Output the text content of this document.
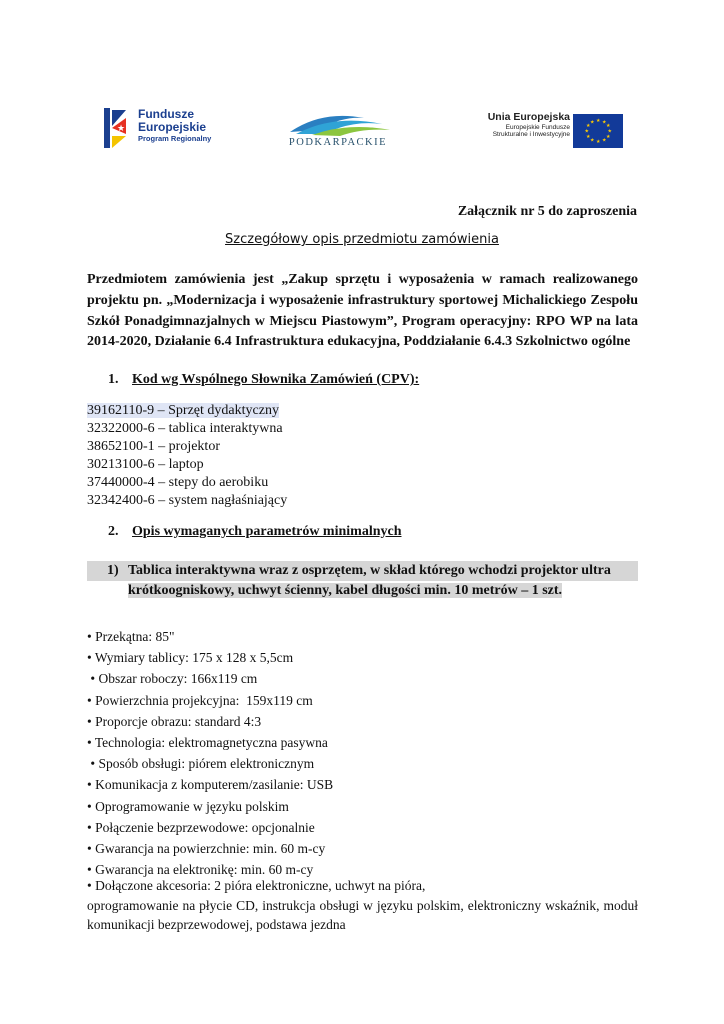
★
Fundusze
Europejskie
Program Regionalny	PODKARPACKIE
Unia Europejska
Europejskie Fundusze
Strukturalne i Inwestycyjne
★ ★
★
★
★
★
★
★
★
★
★
★
Załącznik nr 5 do zaproszenia
Szczegółowy opis przedmiotu zamówienia
Przedmiotem zamówienia jest „Zakup sprzętu i wyposażenia w ramach realizowanego projektu pn. „Modernizacja i wyposażenie infrastruktury sportowej Michalickiego Zespołu Szkół Ponadgimnazjalnych w Miejscu Piastowym”, Program operacyjny: RPO WP na lata 2014-2020, Działanie 6.4 Infrastruktura edukacyjna, Poddziałanie 6.4.3 Szkolnictwo ogólne
1. Kod wg Wspólnego Słownika Zamówień (CPV):
39162110-9 – Sprzęt dydaktyczny
32322000-6 – tablica interaktywna
38652100-1 – projektor
30213100-6 – laptop
37440000-4 – stepy do aerobiku
32342400-6 – system nagłaśniający
2. Opis wymaganych parametrów minimalnych
1) Tablica interaktywna wraz z osprzętem, w skład którego wchodzi projektor ultra
krótkoogniskowy, uchwyt ścienny, kabel długości min. 10 metrów – 1 szt.
• Przekątna: 85"
• Wymiary tablicy: 175 x 128 x 5,5cm
• Obszar roboczy: 166x119 cm
• Powierzchnia projekcyjna:  159x119 cm
• Proporcje obrazu: standard 4:3
• Technologia: elektromagnetyczna pasywna
• Sposób obsługi: piórem elektronicznym
• Komunikacja z komputerem/zasilanie: USB
• Oprogramowanie w języku polskim
• Połączenie bezprzewodowe: opcjonalnie
• Gwarancja na powierzchnie: min. 60 m-cy
• Gwarancja na elektronikę: min. 60 m-cy
• Dołączone akcesoria: 2 pióra elektroniczne, uchwyt na pióra,
oprogramowanie na płycie CD, instrukcja obsługi w języku polskim, elektroniczny wskaźnik, moduł komunikacji bezprzewodowej, podstawa jezdna
